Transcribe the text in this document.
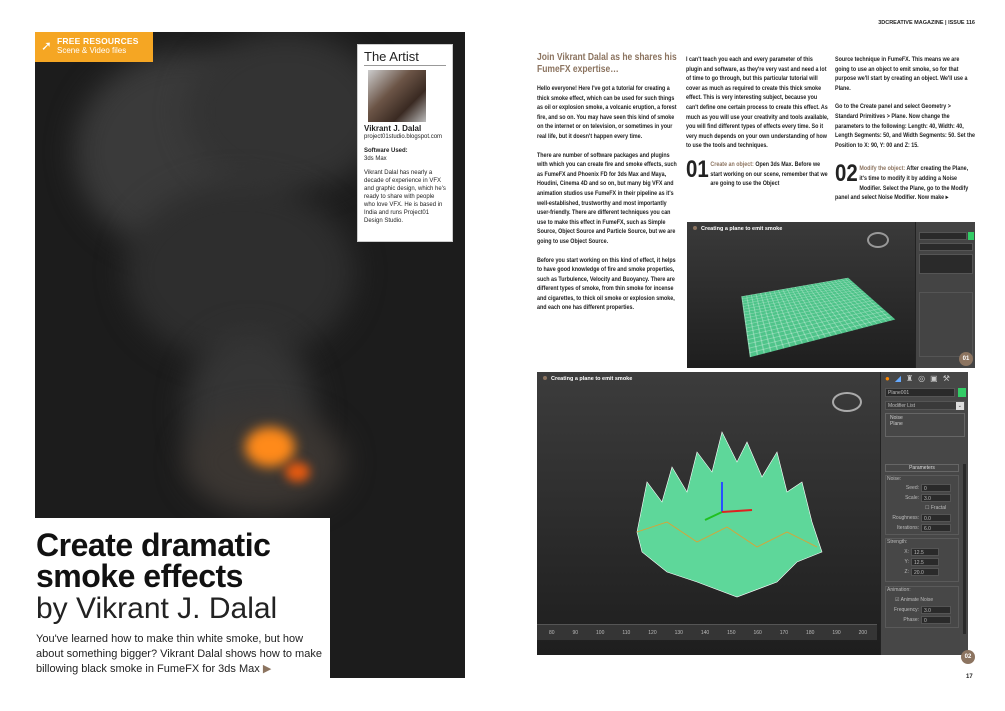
➚ FREE RESOURCES
Scene & Video files	The Artist
Vikrant J. Dalal
project01studio.blogspot.com
Software Used:
3ds Max
Vikrant Dalal has nearly a decade of experience in VFX and graphic design, which he's ready to share with people who love VFX. He is based in India and runs Project01 Design Studio.
Create dramatic
smoke effects
by Vikrant J. Dalal

You've learned how to make thin white smoke, but how about something bigger? Vikrant Dalal shows how to make billowing black smoke in FumeFX for 3ds Max ▶

3DCREATIVE MAGAZINE | ISSUE 116
Join Vikrant Dalal as he shares his FumeFX expertise…

Hello everyone! Here I've got a tutorial for creating a thick smoke effect, which can be used for such things as oil or explosion smoke, a volcanic eruption, a forest fire, and so on. You may have seen this kind of smoke on the internet or on television, or sometimes in your real life, but it doesn't happen every time.

There are number of software packages and plugins with which you can create fire and smoke effects, such as FumeFX and Phoenix FD for 3ds Max and Maya, Houdini, Cinema 4D and so on, but many big VFX and animation studios use FumeFX in their pipeline as it's well-established, trustworthy and most importantly user-friendly. There are different techniques you can use to make this effect in FumeFX, such as Simple Source, Object Source and Particle Source, but we are going to use Object Source.

Before you start working on this kind of effect, it helps to have good knowledge of fire and smoke properties, such as Turbulence, Velocity and Buoyancy. There are different types of smoke, from thin smoke for incense and cigarettes, to thick oil smoke or explosion smoke, and each one has different properties.

I can't teach you each and every parameter of this plugin and software, as they're very vast and need a lot of time to go through, but this particular tutorial will cover as much as required to create this thick smoke effect. This is very interesting subject, because you can't define one certain process to create this effect. As much as you will use your creativity and tools available, you will find different types of effects every time. So it very much depends on your own understanding of how to use the tools and techniques.

01 Create an object: Open 3ds Max. Before we start working on our scene, remember that we are going to use the Object

Source technique in FumeFX. This means we are going to use an object to emit smoke, so for that purpose we'll start by creating an object. We'll use a Plane.

Go to the Create panel and select Geometry > Standard Primitives > Plane. Now change the parameters to the following: Length: 40, Width: 40, Length Segments: 50, and Width Segments: 50. Set the Position to X: 90, Y: 00 and Z: 15.

02 Modify the object: After creating the Plane, it's time to modify it by adding a Noise Modifier. Select the Plane, go to the Modify panel and select Noise Modifier. Now make ▸
Creating a plane to emit smoke
01
Creating a plane to emit smoke
80	90	100	110	120	130	140	150	160	170	180	190	200
● ◢ ♜ ◎ ▣ ⚒
Plane001
Modifier List	⌄
Noise
Plane
Parameters
Noise:
Seed:	0
Scale:	3.0
☐ Fractal
Roughness:	0.0
Iterations:	6.0
Strength:
X:	12.5
Y:	12.5
Z:	20.0
Animation:
☑ Animate Noise
Frequency:	3.0
Phase:	0
02
17
